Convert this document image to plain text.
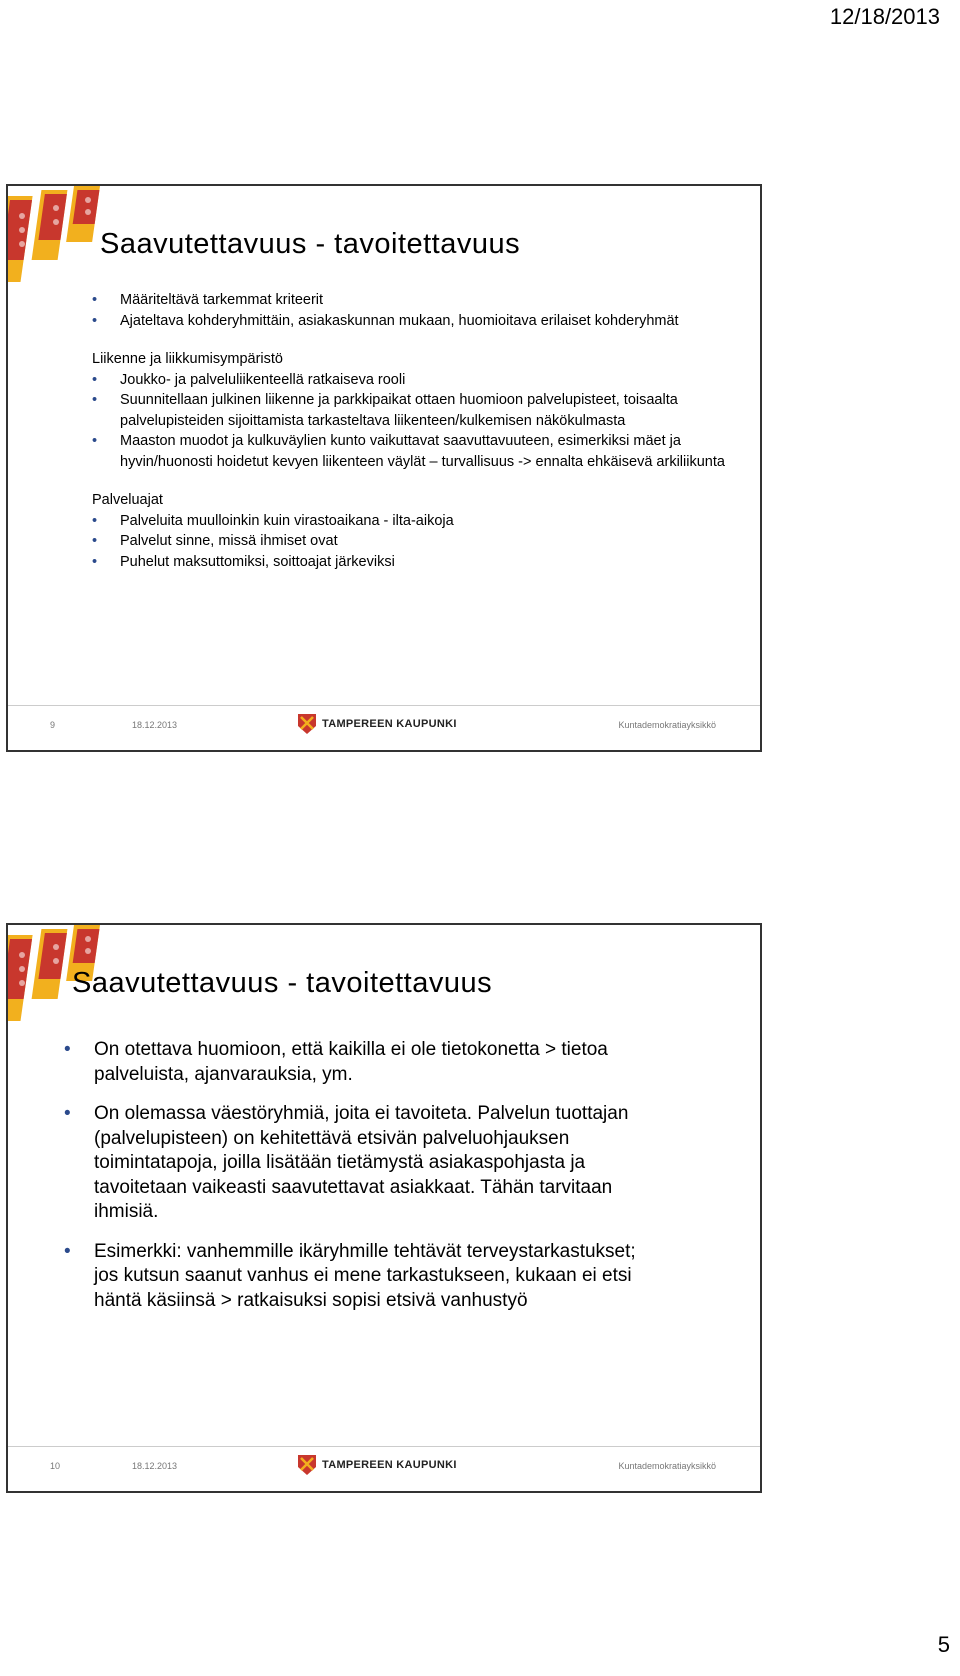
12/18/2013
Saavutettavuus - tavoitettavuus
• Määriteltävä tarkemmat kriteerit
• Ajateltava kohderyhmittäin, asiakaskunnan mukaan, huomioitava erilaiset kohderyhmät

Liikenne ja liikkumisympäristö

• Joukko- ja palveluliikenteellä ratkaiseva rooli
• Suunnitellaan julkinen liikenne ja parkkipaikat ottaen huomioon palvelupisteet, toisaalta palvelupisteiden sijoittamista tarkasteltava liikenteen/kulkemisen näkökulmasta
• Maaston muodot ja kulkuväylien kunto vaikuttavat saavuttavuuteen, esimerkiksi mäet ja hyvin/huonosti hoidetut kevyen liikenteen väylät – turvallisuus -> ennalta ehkäisevä arkiliikunta

Palveluajat

• Palveluita muulloinkin kuin virastoaikana - ilta-aikoja
• Palvelut sinne, missä ihmiset ovat
• Puhelut maksuttomiksi, soittoajat järkeviksi
9	18.12.2013	TAMPEREEN KAUPUNKI	Kuntademokratiayksikkö
Saavutettavuus - tavoitettavuus
• On otettava huomioon, että kaikilla ei ole tietokonetta > tietoa palveluista, ajanvarauksia, ym.
• On olemassa väestöryhmiä, joita ei tavoiteta. Palvelun tuottajan (palvelupisteen) on kehitettävä etsivän palveluohjauksen toimintatapoja, joilla lisätään tietämystä asiakaspohjasta ja tavoitetaan vaikeasti saavutettavat asiakkaat. Tähän tarvitaan ihmisiä.
• Esimerkki: vanhemmille ikäryhmille tehtävät terveystarkastukset; jos kutsun saanut vanhus ei mene tarkastukseen, kukaan ei etsi häntä käsiinsä > ratkaisuksi sopisi etsivä vanhustyö
10	18.12.2013	TAMPEREEN KAUPUNKI	Kuntademokratiayksikkö
5
